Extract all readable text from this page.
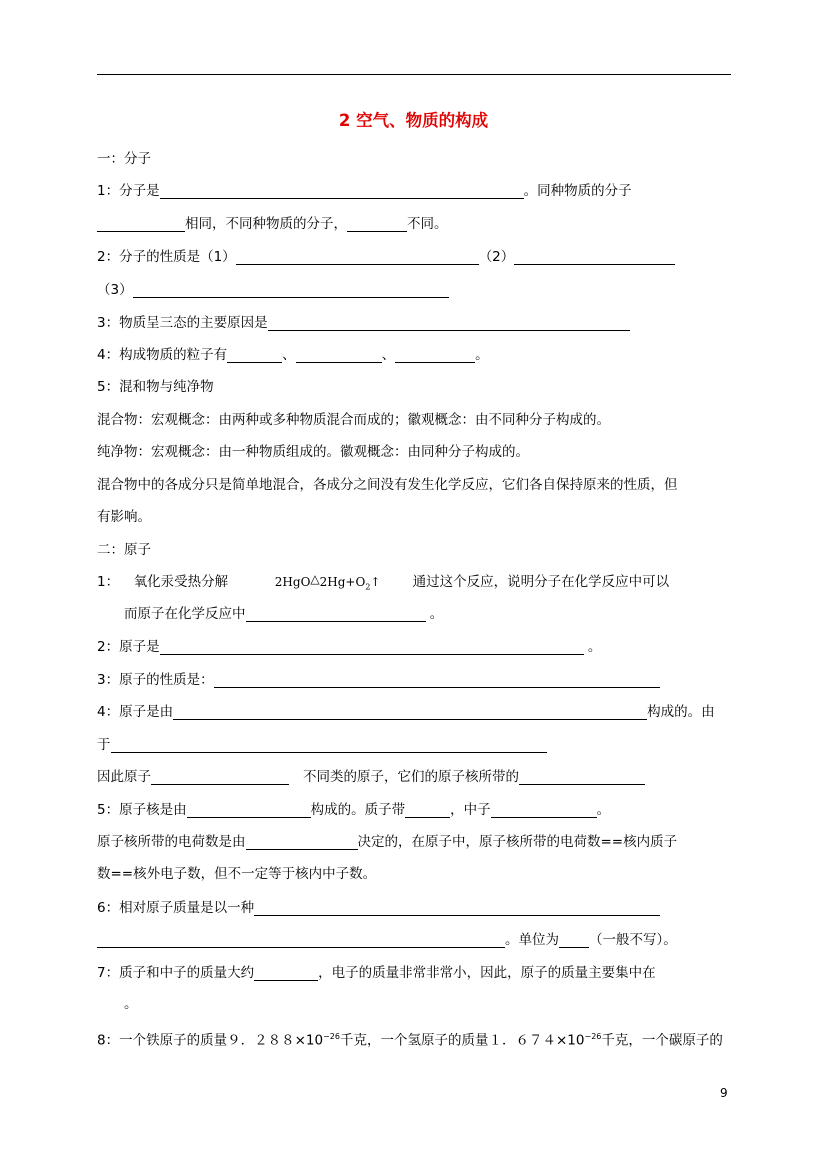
2 空气、物质的构成
一：分子
1：分子是	。同种物质的分子
相同，不同种物质的分子，	不同。
2：分子的性质是（1）	（2）
（3）
3：物质呈三态的主要原因是
4：构成物质的粒子有	、	、	。
5：混和物与纯净物
混合物：宏观概念：由两种或多种物质混合而成的；徽观概念：由不同种分子构成的。
纯净物：宏观概念：由一种物质组成的。徽观概念：由同种分子构成的。
混合物中的各成分只是简单地混合，各成分之间没有发生化学反应，它们各自保持原来的性质，但
有影响。
二：原子
1： 氧化汞受热分解	$2HgO\triangle 2Hg+O_2↑$ 通过这个反应，说明分子在化学反应中可以
而原子在化学反应中	。
2：原子是	。
3：原子的性质是：
4：原子是由	构成的。由
于
因此原子	不同类的原子，它们的原子核所带的
5：原子核是由	构成的。质子带	，中子	。
原子核所带的电荷数是由	决定的，在原子中，原子核所带的电荷数==核内质子
数==核外电子数，但不一定等于核内中子数。
6：相对原子质量是以一种
。单位为 （一般不写）。
7：质子和中子的质量大约	，电子的质量非常非常小，因此，原子的质量主要集中在
。
8：一个铁原子的质量９．$288\times 10^{-26}$千克，一个氢原子的质量１．$674\times 10^{-26}$千克，一个碳原子的
9
